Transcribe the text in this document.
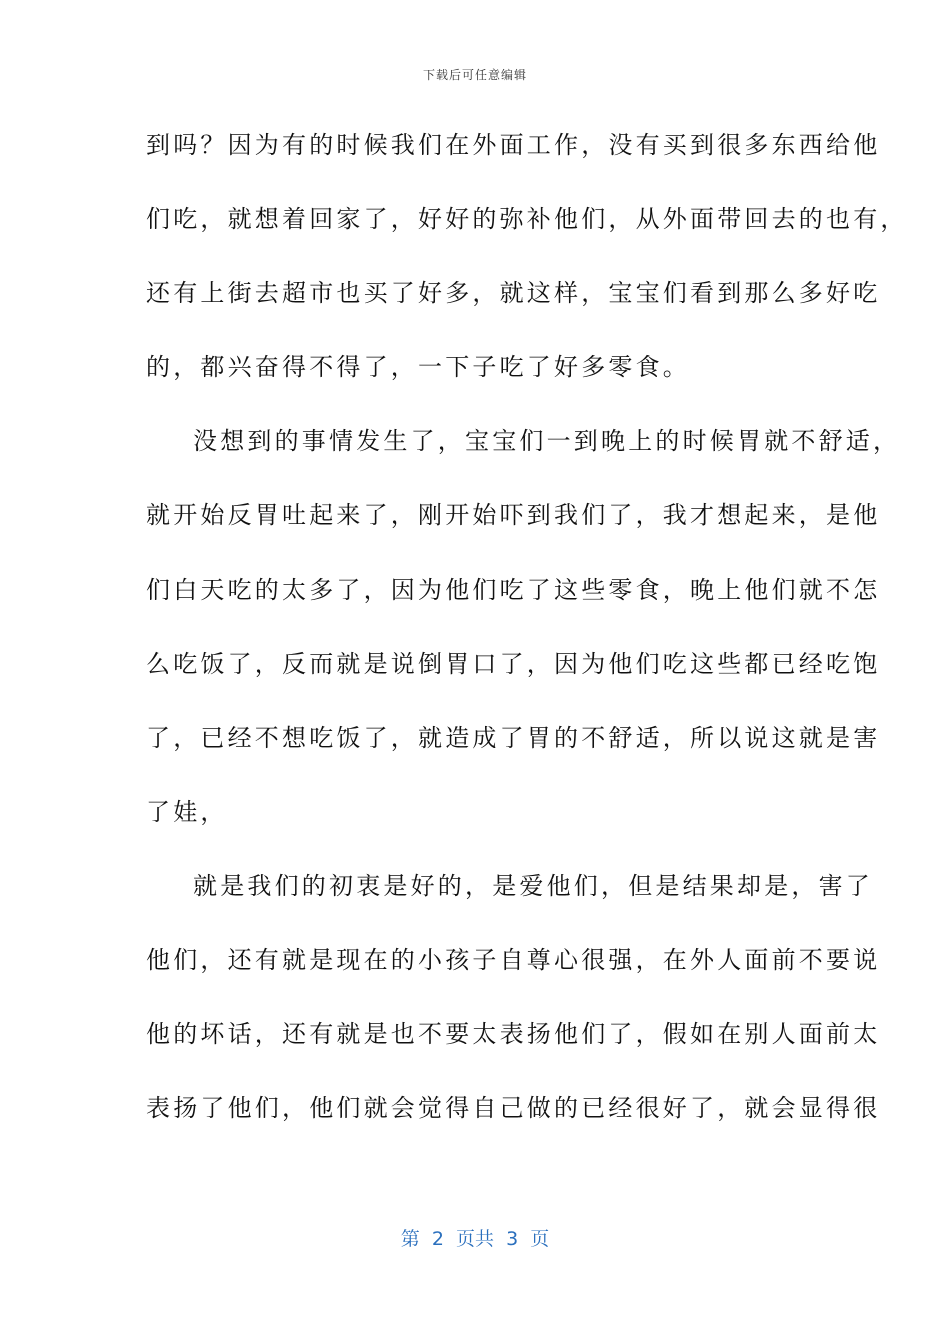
下载后可任意编辑
到吗？因为有的时候我们在外面工作，没有买到很多东西给他
们吃，就想着回家了，好好的弥补他们，从外面带回去的也有，
还有上街去超市也买了好多，就这样，宝宝们看到那么多好吃
的，都兴奋得不得了，一下子吃了好多零食。
没想到的事情发生了，宝宝们一到晚上的时候胃就不舒适，
就开始反胃吐起来了，刚开始吓到我们了，我才想起来，是他
们白天吃的太多了，因为他们吃了这些零食，晚上他们就不怎
么吃饭了，反而就是说倒胃口了，因为他们吃这些都已经吃饱
了，已经不想吃饭了，就造成了胃的不舒适，所以说这就是害
了娃，
就是我们的初衷是好的，是爱他们，但是结果却是，害了
他们，还有就是现在的小孩子自尊心很强，在外人面前不要说
他的坏话，还有就是也不要太表扬他们了，假如在别人面前太
表扬了他们，他们就会觉得自己做的已经很好了，就会显得很
第  2  页共  3  页
